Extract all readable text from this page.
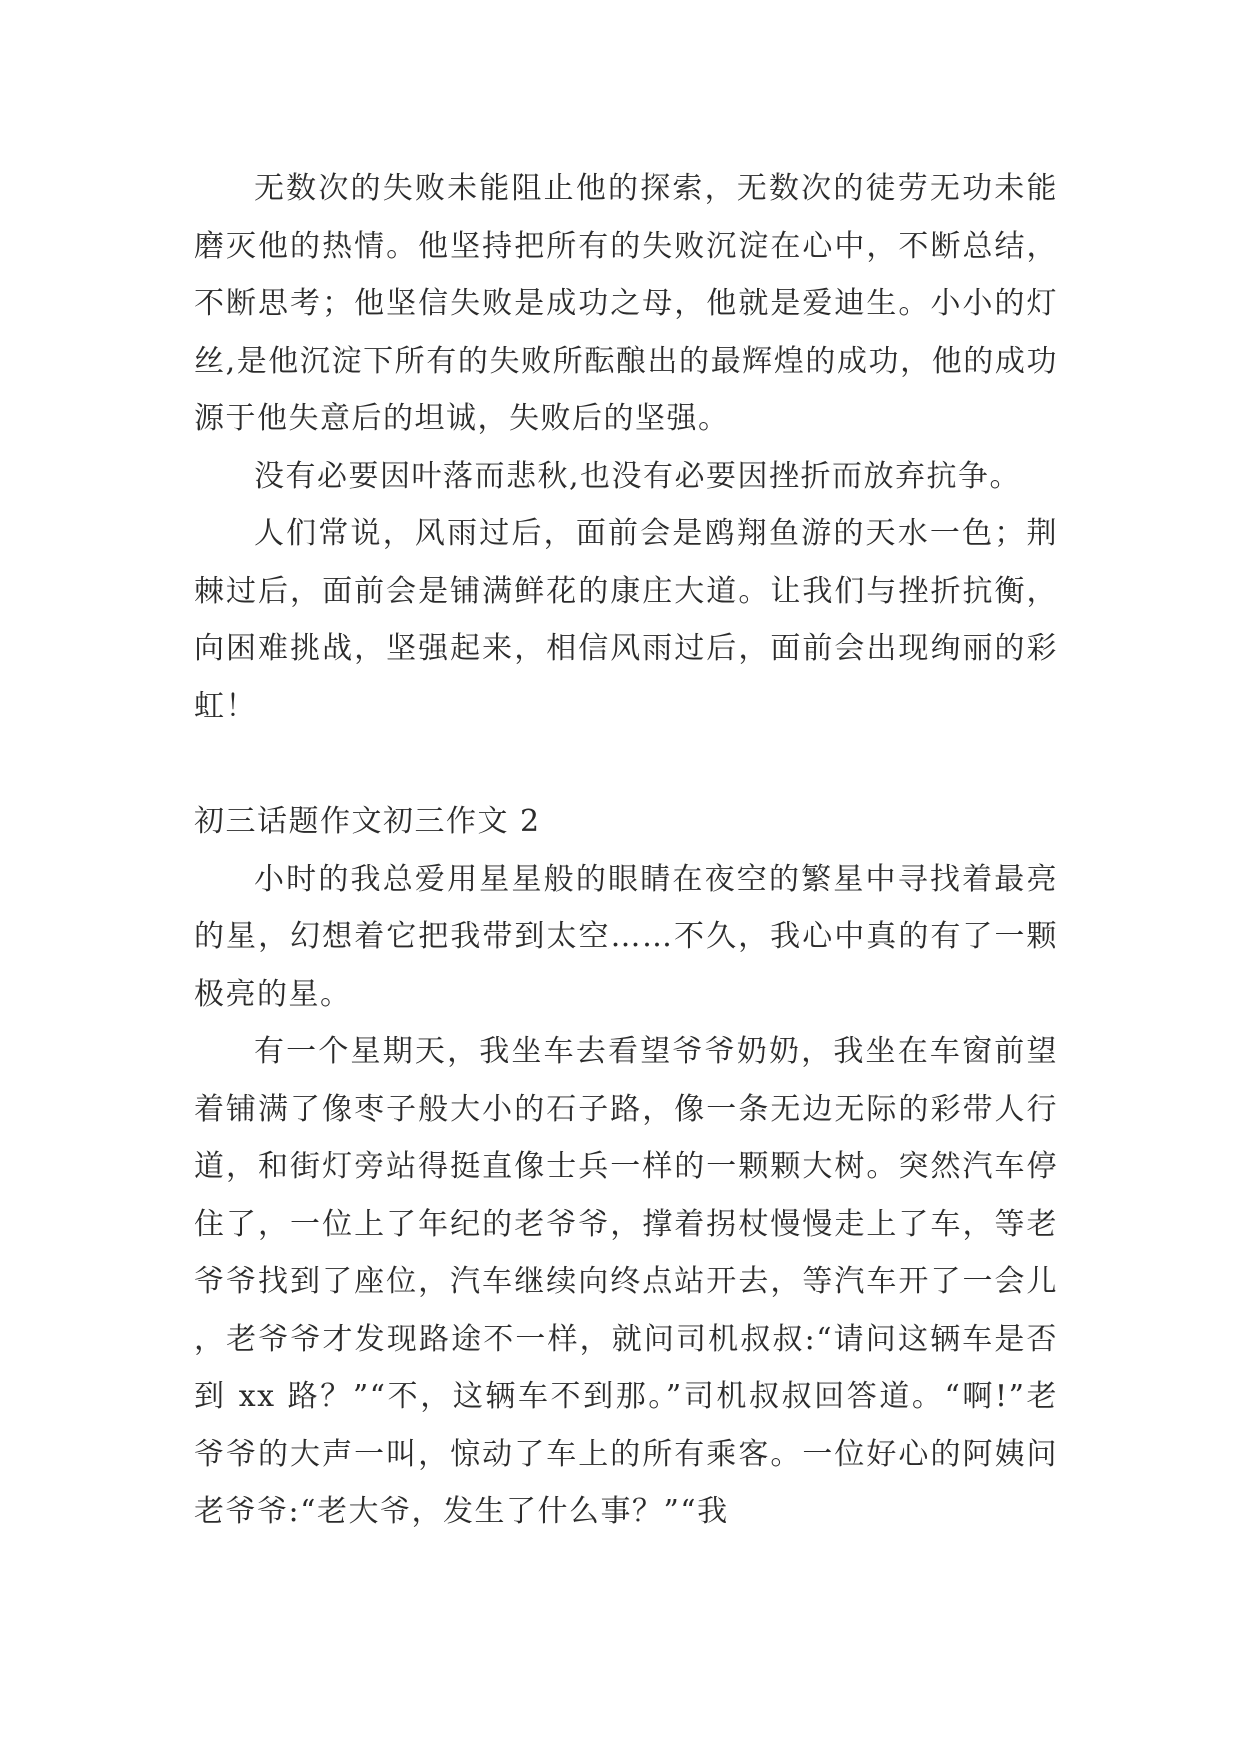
无数次的失败未能阻止他的探索，无数次的徒劳无功未能磨灭他的热情。他坚持把所有的失败沉淀在心中，不断总结，不断思考；他坚信失败是成功之母，他就是爱迪生。小小的灯丝,是他沉淀下所有的失败所酝酿出的最辉煌的成功，他的成功源于他失意后的坦诚，失败后的坚强。

没有必要因叶落而悲秋,也没有必要因挫折而放弃抗争。

人们常说，风雨过后，面前会是鸥翔鱼游的天水一色；荆棘过后，面前会是铺满鲜花的康庄大道。让我们与挫折抗衡，向困难挑战，坚强起来，相信风雨过后，面前会出现绚丽的彩虹！

初三话题作文初三作文 2

小时的我总爱用星星般的眼睛在夜空的繁星中寻找着最亮的星，幻想着它把我带到太空……不久，我心中真的有了一颗极亮的星。

有一个星期天，我坐车去看望爷爷奶奶，我坐在车窗前望着铺满了像枣子般大小的石子路，像一条无边无际的彩带人行道，和街灯旁站得挺直像士兵一样的一颗颗大树。突然汽车停住了，一位上了年纪的老爷爷，撑着拐杖慢慢走上了车，等老爷爷找到了座位，汽车继续向终点站开去，等汽车开了一会儿，老爷爷才发现路途不一样，就问司机叔叔:“请问这辆车是否到 xx 路？”“不，这辆车不到那。”司机叔叔回答道。“啊!”老爷爷的大声一叫，惊动了车上的所有乘客。一位好心的阿姨问老爷爷:“老大爷，发生了什么事？”“我
